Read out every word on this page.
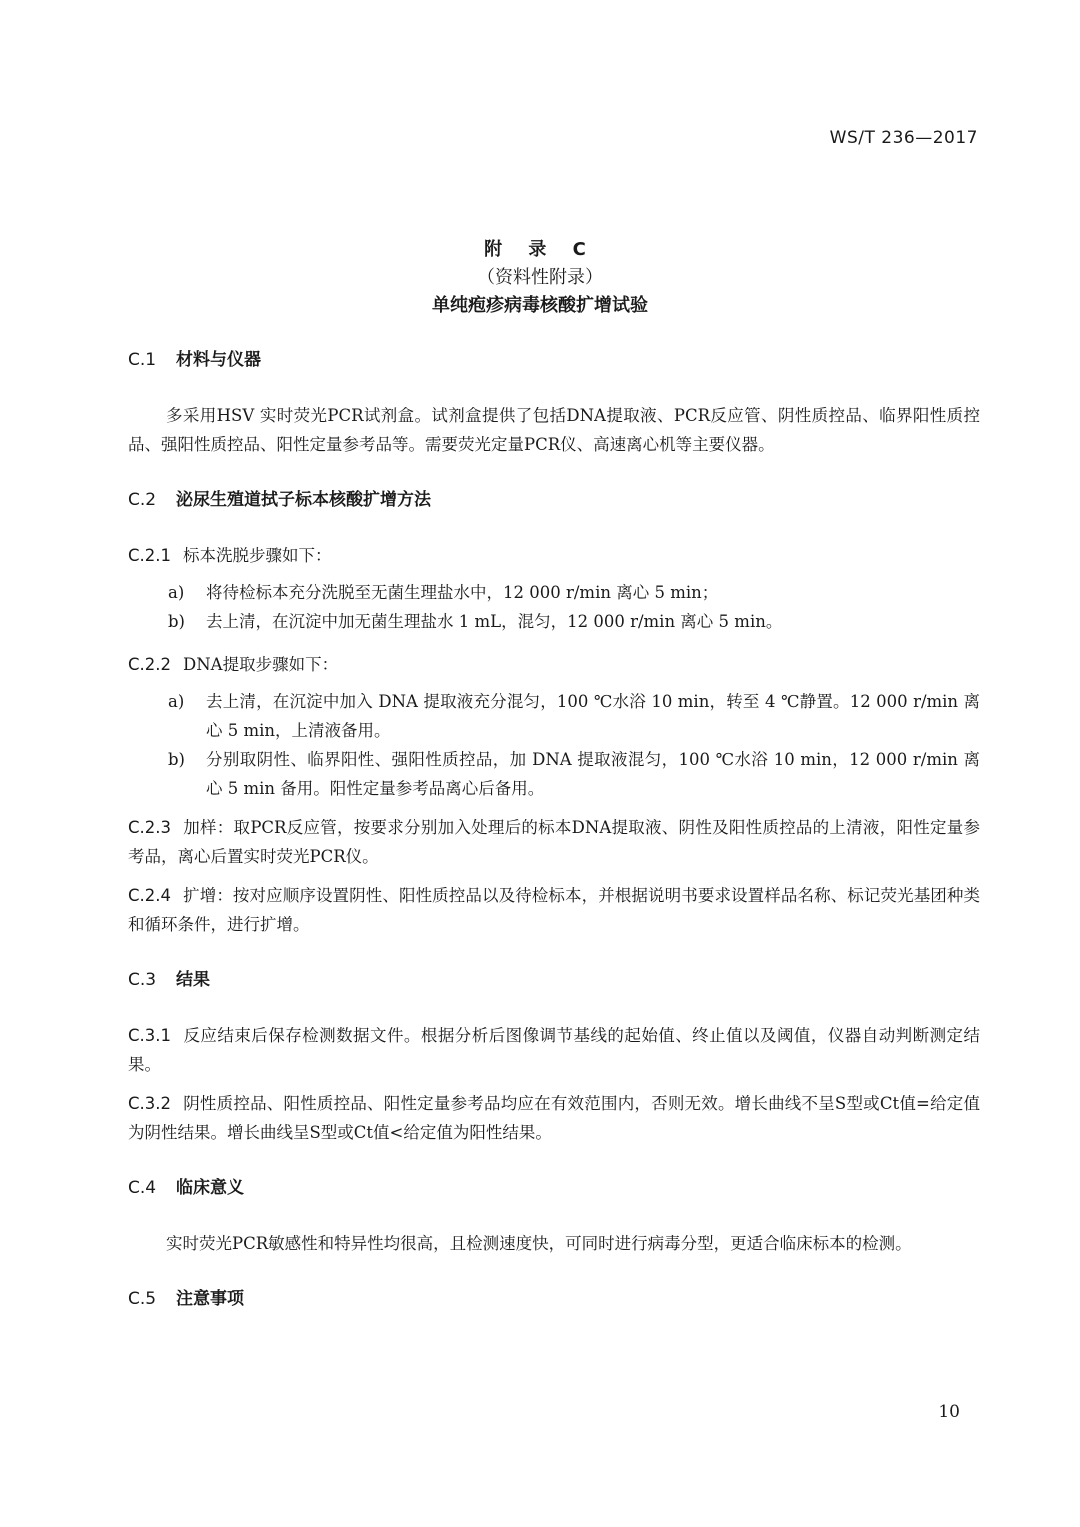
WS/T 236—2017
附 录 C
（资料性附录）
单纯疱疹病毒核酸扩增试验
C.1 材料与仪器

多采用HSV 实时荧光PCR试剂盒。试剂盒提供了包括DNA提取液、PCR反应管、阴性质控品、临界阳性质控品、强阳性质控品、阳性定量参考品等。需要荧光定量PCR仪、高速离心机等主要仪器。

C.2 泌尿生殖道拭子标本核酸扩增方法

C.2.1 标本洗脱步骤如下：

a) 将待检标本充分洗脱至无菌生理盐水中，12 000 r/min 离心 5 min；
b) 去上清，在沉淀中加无菌生理盐水 1 mL，混匀，12 000 r/min 离心 5 min。

C.2.2 DNA提取步骤如下：

a) 去上清，在沉淀中加入 DNA 提取液充分混匀，100 ℃水浴 10 min，转至 4 ℃静置。12 000 r/min 离心 5 min，上清液备用。
b) 分别取阴性、临界阳性、强阳性质控品，加 DNA 提取液混匀，100 ℃水浴 10 min，12 000 r/min 离心 5 min 备用。阳性定量参考品离心后备用。

C.2.3 加样：取PCR反应管，按要求分别加入处理后的标本DNA提取液、阴性及阳性质控品的上清液，阳性定量参考品，离心后置实时荧光PCR仪。

C.2.4 扩增：按对应顺序设置阴性、阳性质控品以及待检标本，并根据说明书要求设置样品名称、标记荧光基团种类和循环条件，进行扩增。

C.3 结果

C.3.1 反应结束后保存检测数据文件。根据分析后图像调节基线的起始值、终止值以及阈值，仪器自动判断测定结果。

C.3.2 阴性质控品、阳性质控品、阳性定量参考品均应在有效范围内，否则无效。增长曲线不呈S型或Ct值=给定值为阴性结果。增长曲线呈S型或Ct值<给定值为阳性结果。

C.4 临床意义

实时荧光PCR敏感性和特异性均很高，且检测速度快，可同时进行病毒分型，更适合临床标本的检测。

C.5 注意事项
10
